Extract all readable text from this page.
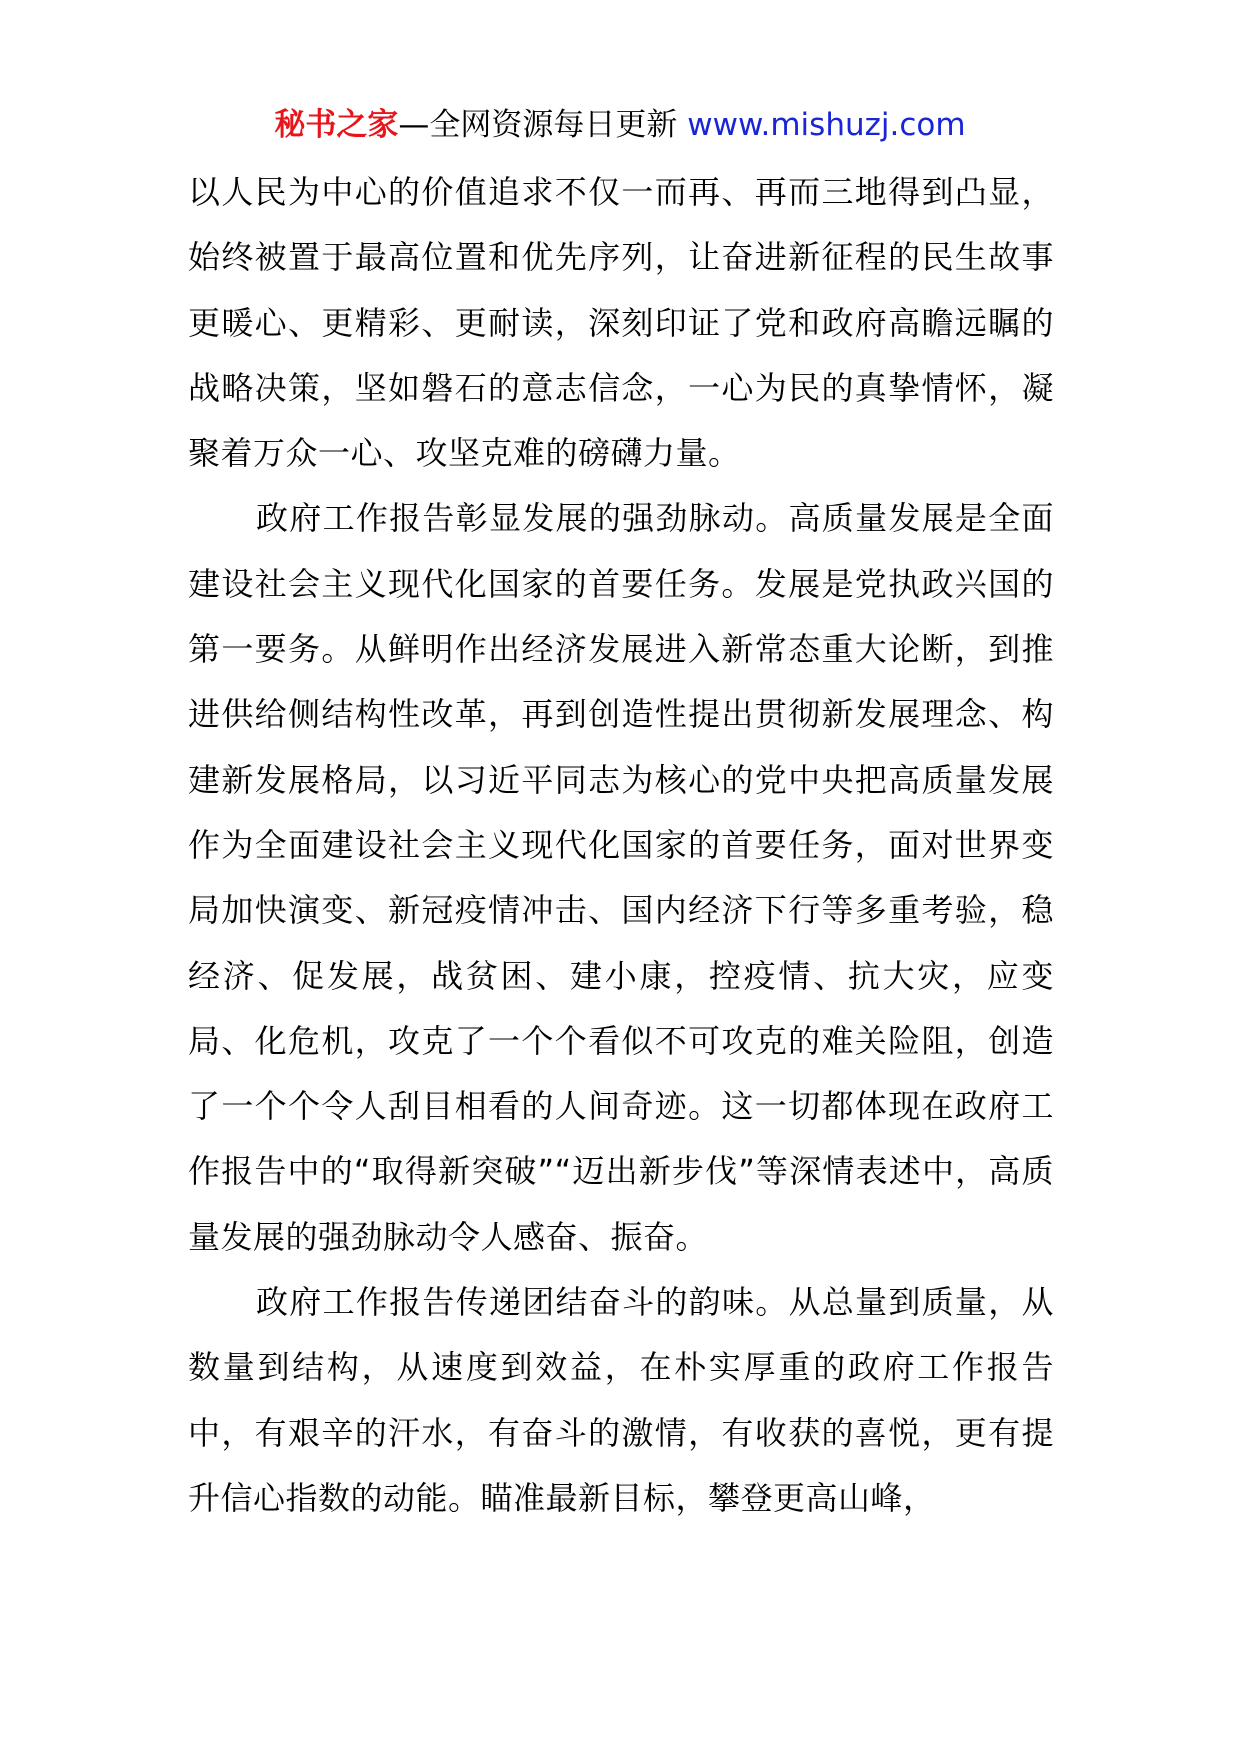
秘书之家—全网资源每日更新 www.mishuzj.com

以人民为中心的价值追求不仅一而再、再而三地得到凸显，始终被置于最高位置和优先序列，让奋进新征程的民生故事更暖心、更精彩、更耐读，深刻印证了党和政府高瞻远瞩的战略决策，坚如磐石的意志信念，一心为民的真挚情怀，凝聚着万众一心、攻坚克难的磅礴力量。

政府工作报告彰显发展的强劲脉动。高质量发展是全面建设社会主义现代化国家的首要任务。发展是党执政兴国的第一要务。从鲜明作出经济发展进入新常态重大论断，到推进供给侧结构性改革，再到创造性提出贯彻新发展理念、构建新发展格局，以习近平同志为核心的党中央把高质量发展作为全面建设社会主义现代化国家的首要任务，面对世界变局加快演变、新冠疫情冲击、国内经济下行等多重考验，稳经济、促发展，战贫困、建小康，控疫情、抗大灾，应变局、化危机，攻克了一个个看似不可攻克的难关险阻，创造了一个个令人刮目相看的人间奇迹。这一切都体现在政府工作报告中的“取得新突破”“迈出新步伐”等深情表述中，高质量发展的强劲脉动令人感奋、振奋。

政府工作报告传递团结奋斗的韵味。从总量到质量，从数量到结构，从速度到效益，在朴实厚重的政府工作报告中，有艰辛的汗水，有奋斗的激情，有收获的喜悦，更有提升信心指数的动能。瞄准最新目标，攀登更高山峰，
